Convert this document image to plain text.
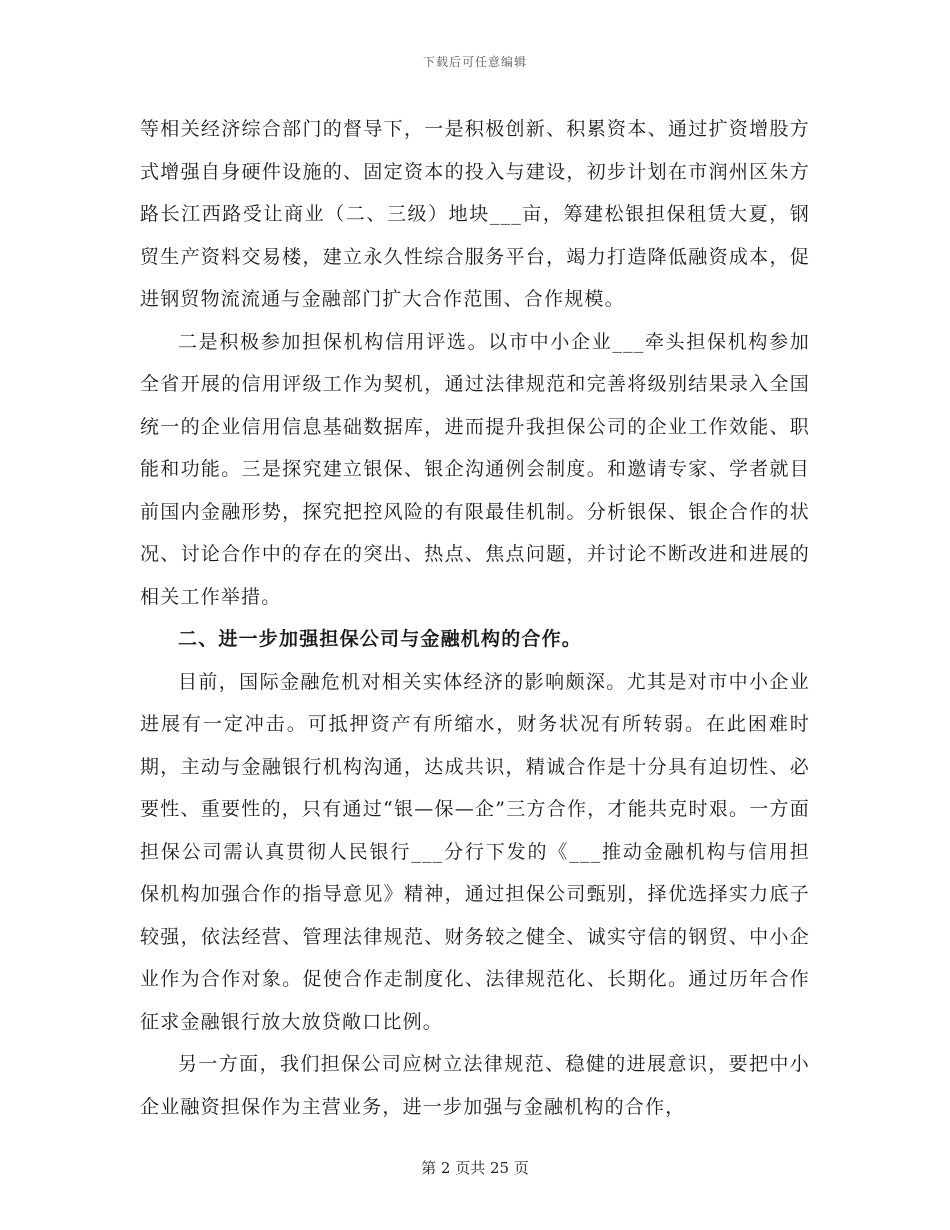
下载后可任意编辑

等相关经济综合部门的督导下，一是积极创新、积累资本、通过扩资增股方式增强自身硬件设施的、固定资本的投入与建设，初步计划在市润州区朱方路长江西路受让商业（二、三级）地块___亩，筹建松银担保租赁大夏，钢贸生产资料交易楼，建立永久性综合服务平台，竭力打造降低融资成本，促进钢贸物流流通与金融部门扩大合作范围、合作规模。

二是积极参加担保机构信用评选。以市中小企业___牵头担保机构参加全省开展的信用评级工作为契机，通过法律规范和完善将级别结果录入全国统一的企业信用信息基础数据库，进而提升我担保公司的企业工作效能、职能和功能。三是探究建立银保、银企沟通例会制度。和邀请专家、学者就目前国内金融形势，探究把控风险的有限最佳机制。分析银保、银企合作的状况、讨论合作中的存在的突出、热点、焦点问题，并讨论不断改进和进展的相关工作举措。

二、进一步加强担保公司与金融机构的合作。

目前，国际金融危机对相关实体经济的影响颇深。尤其是对市中小企业进展有一定冲击。可抵押资产有所缩水，财务状况有所转弱。在此困难时期，主动与金融银行机构沟通，达成共识，精诚合作是十分具有迫切性、必要性、重要性的，只有通过“银—保—企”三方合作，才能共克时艰。一方面担保公司需认真贯彻人民银行___分行下发的《___推动金融机构与信用担保机构加强合作的指导意见》精神，通过担保公司甄别，择优选择实力底子较强，依法经营、管理法律规范、财务较之健全、诚实守信的钢贸、中小企业作为合作对象。促使合作走制度化、法律规范化、长期化。通过历年合作征求金融银行放大放贷敞口比例。

另一方面，我们担保公司应树立法律规范、稳健的进展意识，要把中小企业融资担保作为主营业务，进一步加强与金融机构的合作，

第 2 页共 25 页
